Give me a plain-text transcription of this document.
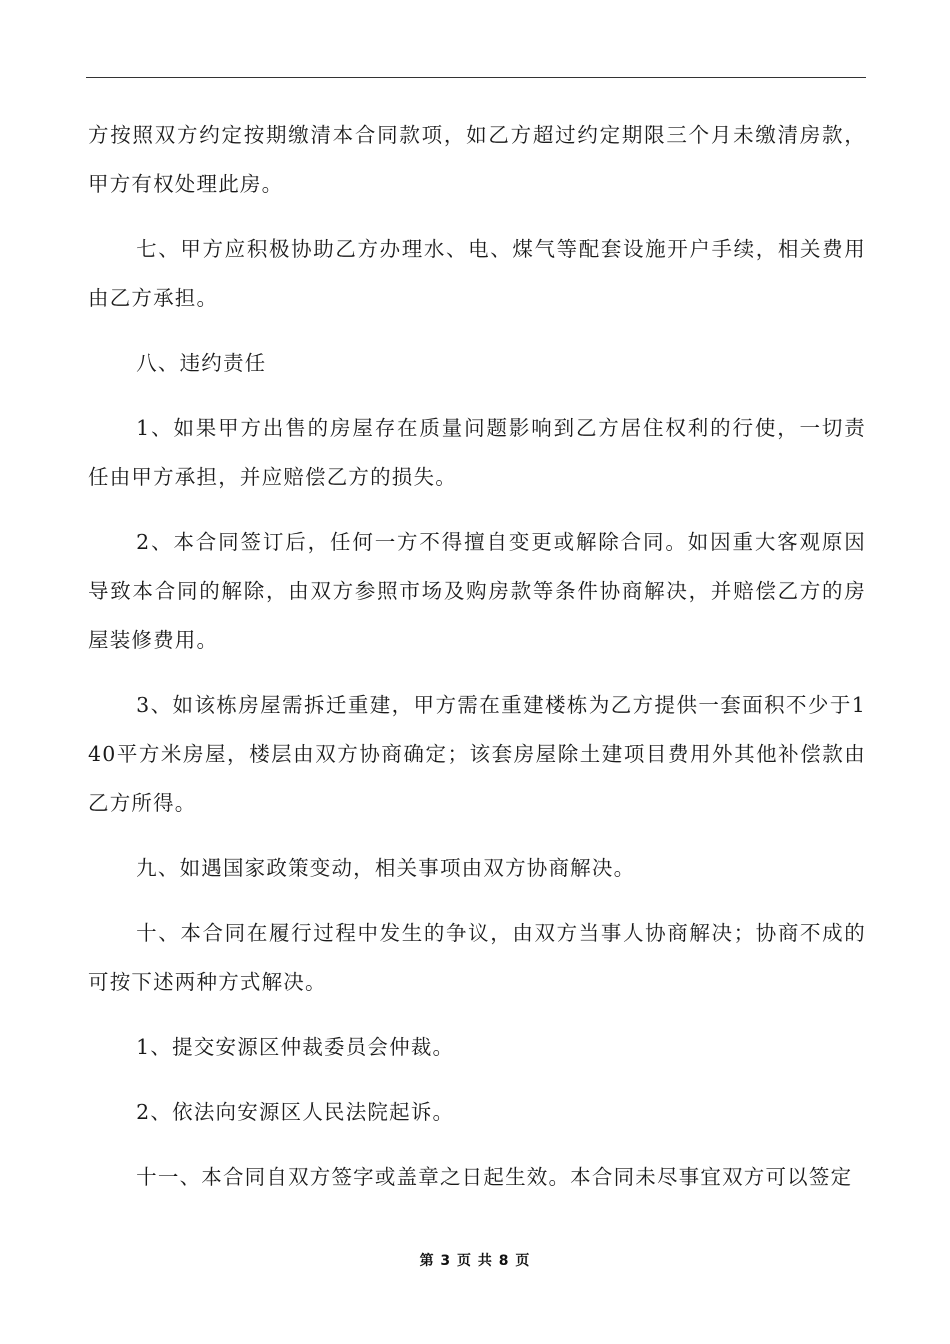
方按照双方约定按期缴清本合同款项，如乙方超过约定期限三个月未缴清房款，甲方有权处理此房。

七、甲方应积极协助乙方办理水、电、煤气等配套设施开户手续，相关费用由乙方承担。

八、违约责任

1、如果甲方出售的房屋存在质量问题影响到乙方居住权利的行使，一切责任由甲方承担，并应赔偿乙方的损失。

2、本合同签订后，任何一方不得擅自变更或解除合同。如因重大客观原因导致本合同的解除，由双方参照市场及购房款等条件协商解决，并赔偿乙方的房屋装修费用。

3、如该栋房屋需拆迁重建，甲方需在重建楼栋为乙方提供一套面积不少于140平方米房屋，楼层由双方协商确定；该套房屋除土建项目费用外其他补偿款由乙方所得。

九、如遇国家政策变动，相关事项由双方协商解决。

十、本合同在履行过程中发生的争议，由双方当事人协商解决；协商不成的可按下述两种方式解决。

1、提交安源区仲裁委员会仲裁。

2、依法向安源区人民法院起诉。

十一、本合同自双方签字或盖章之日起生效。本合同未尽事宜双方可以签定

第 3 页 共 8 页
